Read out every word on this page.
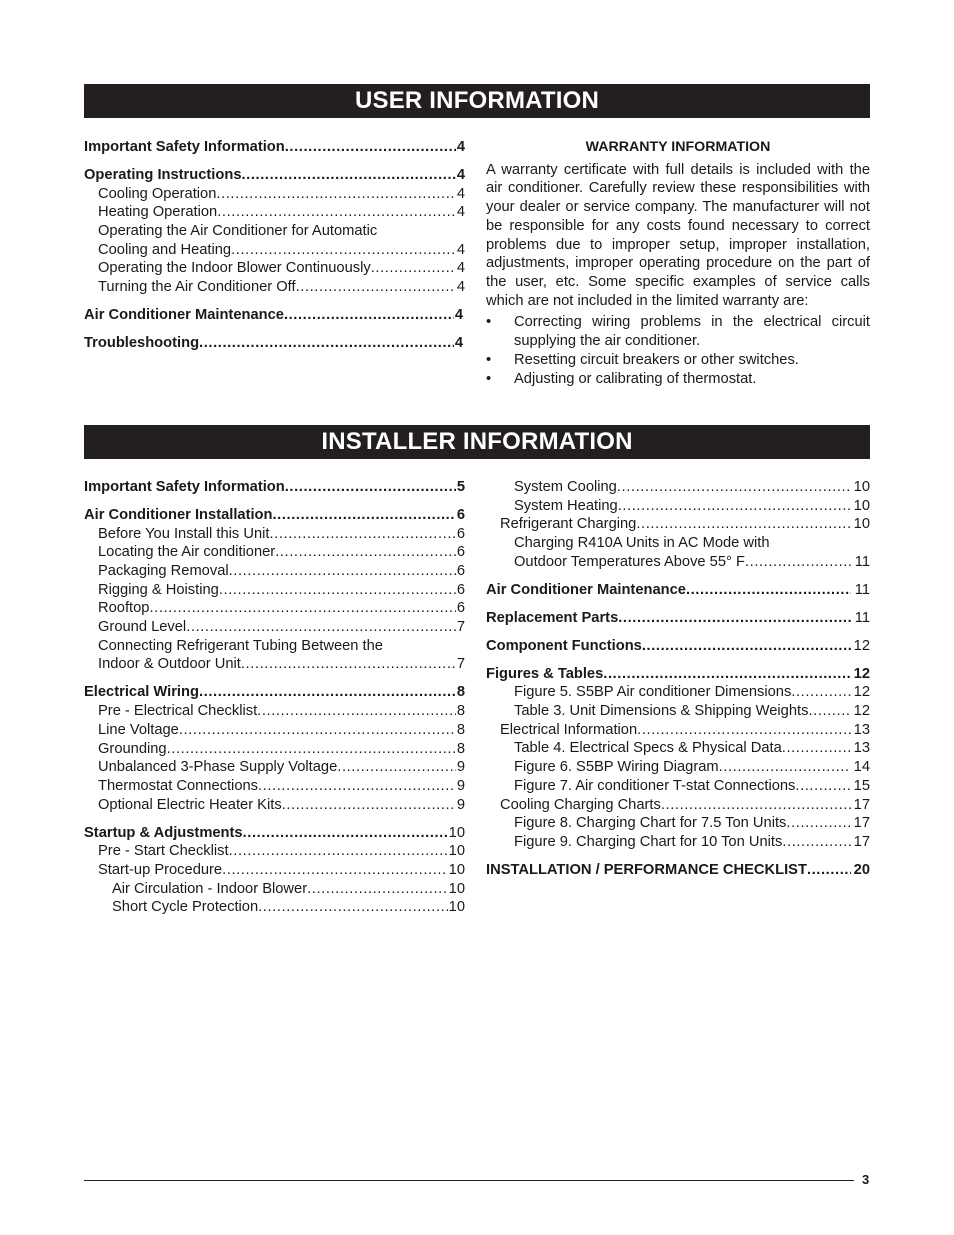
USER INFORMATION
Important Safety Information .....	4
Operating Instructions .....	4
Cooling Operation .....	4
Heating Operation .....	4
Operating the Air Conditioner for Automatic
Cooling and Heating .....	4
Operating the Indoor Blower Continuously .....	4
Turning the Air Conditioner Off .....	4
Air Conditioner Maintenance .....	4
Troubleshooting .....	4
WARRANTY INFORMATION

A warranty certificate with full details is included with the air conditioner. Carefully review these responsibilities with your dealer or service company. The manufacturer will not be responsible for any costs found necessary to correct problems due to improper setup, improper installation, adjustments, improper operating procedure on the part of the user, etc. Some specific examples of service calls which are not included in the limited warranty are:

• Correcting wiring problems in the electrical circuit supplying the air conditioner.
• Resetting circuit breakers or other switches.
• Adjusting or calibrating of thermostat.
INSTALLER INFORMATION
Important Safety Information .....	5
Air Conditioner Installation .....	6
Before You Install this Unit .....	6
Locating the Air conditioner .....	6
Packaging Removal .....	6
Rigging & Hoisting .....	6
Rooftop .....	6
Ground Level .....	7
Connecting Refrigerant Tubing Between the
Indoor & Outdoor Unit .....	7
Electrical Wiring .....	8
Pre - Electrical Checklist .....	8
Line Voltage .....	8
Grounding .....	8
Unbalanced 3-Phase Supply Voltage .....	9
Thermostat Connections .....	9
Optional Electric Heater Kits .....	9
Startup & Adjustments .....	10
Pre - Start Checklist .....	10
Start-up Procedure .....	10
Air Circulation - Indoor Blower .....	10
Short Cycle Protection .....	10
System Cooling .....	10
System Heating .....	10
Refrigerant Charging .....	10
Charging R410A Units in AC Mode with
Outdoor Temperatures Above 55° F .....	11
Air Conditioner Maintenance .....	11
Replacement Parts .....	11
Component Functions .....	12
Figures & Tables .....	12
Figure 5. S5BP Air conditioner Dimensions .....	12
Table 3. Unit Dimensions & Shipping Weights .....	12
Electrical Information .....	13
Table 4. Electrical Specs & Physical Data .....	13
Figure 6. S5BP Wiring Diagram .....	14
Figure 7. Air conditioner T-stat Connections .....	15
Cooling Charging Charts .....	17
Figure 8. Charging Chart for 7.5 Ton Units .....	17
Figure 9. Charging Chart for 10 Ton Units .....	17
INSTALLATION / PERFORMANCE CHECKLIST .....	20
3
